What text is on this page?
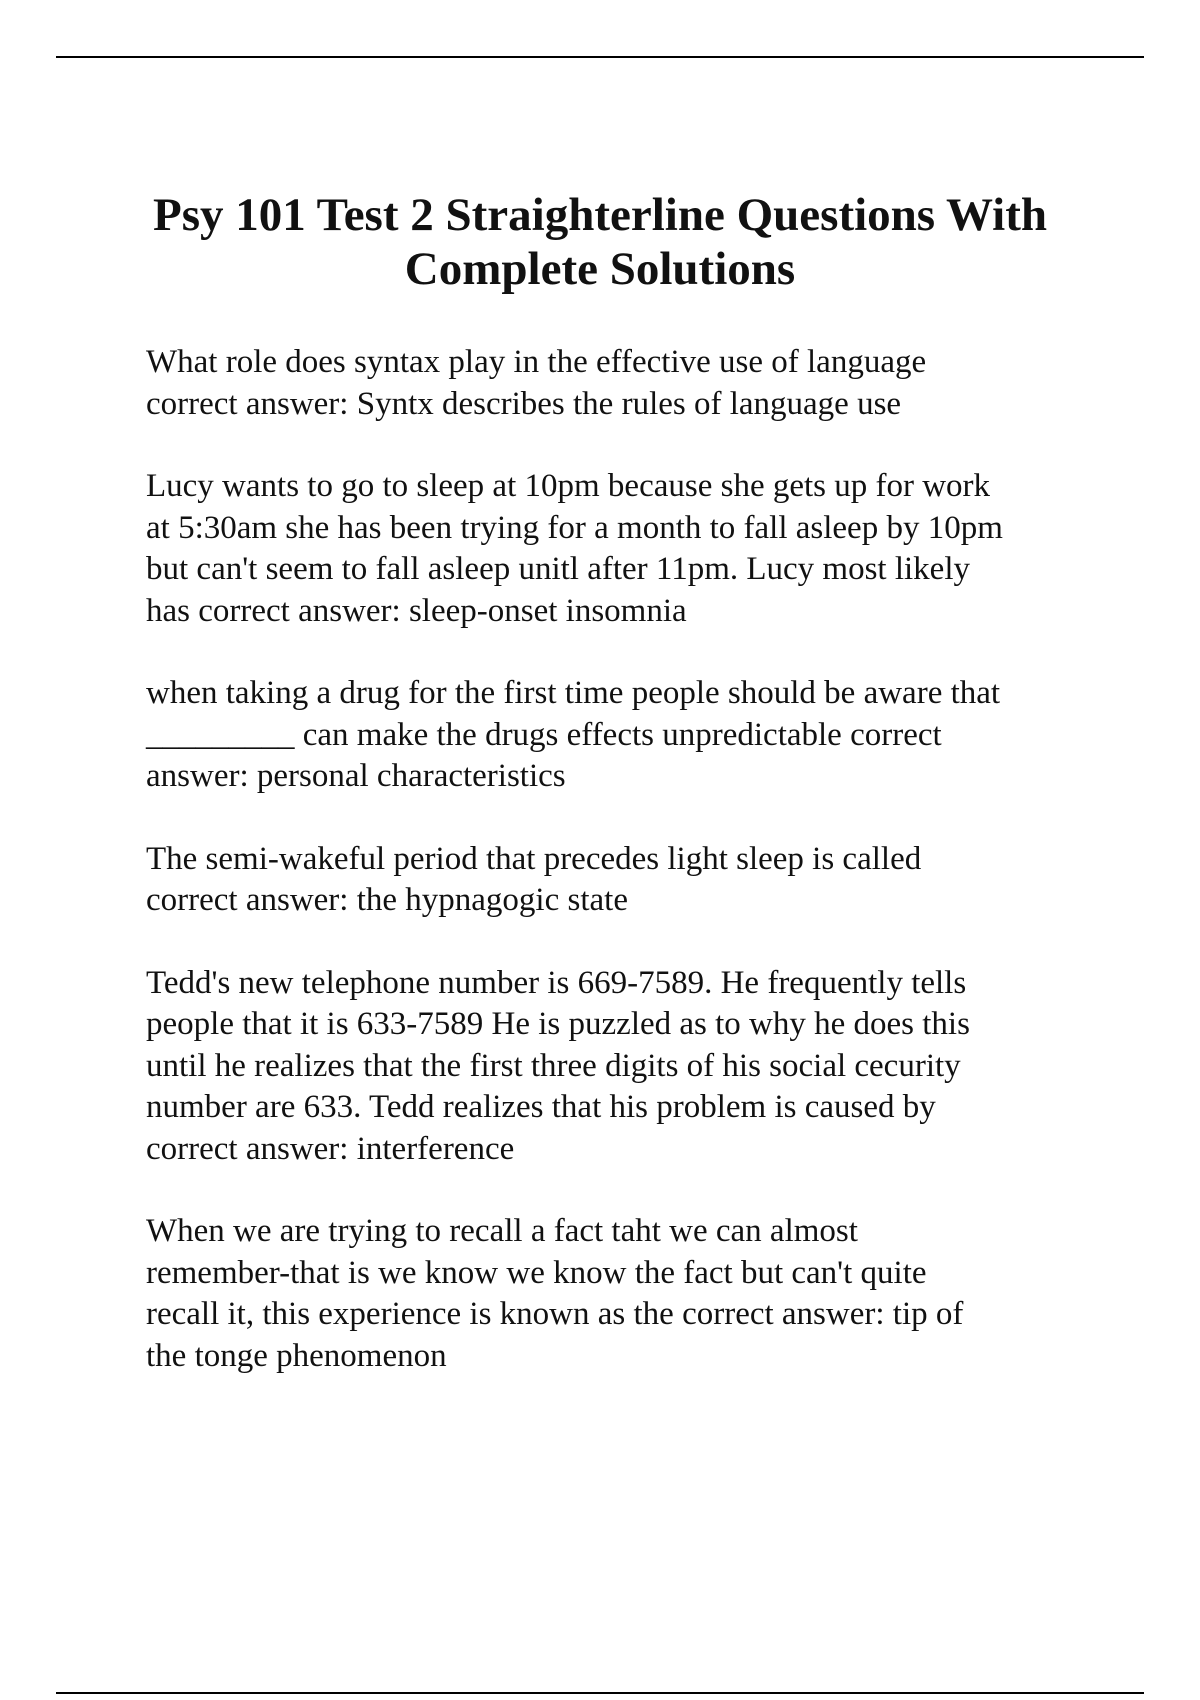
Psy 101 Test 2 Straighterline Questions With Complete Solutions

What role does syntax play in the effective use of language
correct answer: Syntx describes the rules of language use

Lucy wants to go to sleep at 10pm because she gets up for work
at 5:30am she has been trying for a month to fall asleep by 10pm
but can't seem to fall asleep unitl after 11pm. Lucy most likely
has correct answer: sleep-onset insomnia

when taking a drug for the first time people should be aware that
_________ can make the drugs effects unpredictable correct
answer: personal characteristics

The semi-wakeful period that precedes light sleep is called
correct answer: the hypnagogic state

Tedd's new telephone number is 669-7589. He frequently tells
people that it is 633-7589 He is puzzled as to why he does this
until he realizes that the first three digits of his social cecurity
number are 633. Tedd realizes that his problem is caused by
correct answer: interference

When we are trying to recall a fact taht we can almost
remember-that is we know we know the fact but can't quite
recall it, this experience is known as the correct answer: tip of
the tonge phenomenon
